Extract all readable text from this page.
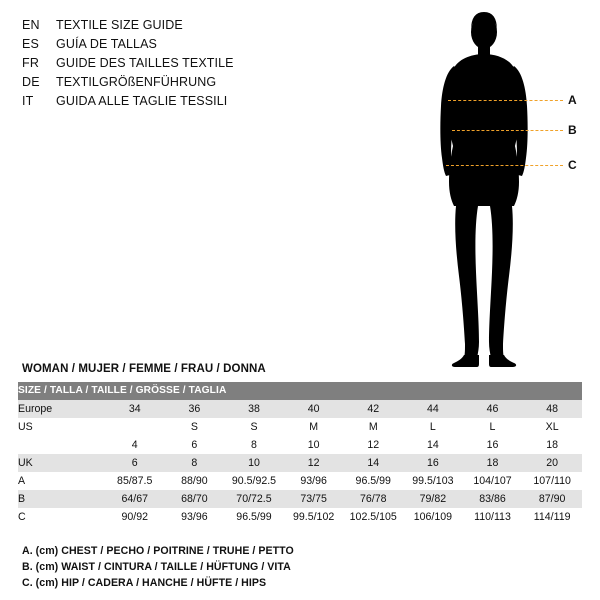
EN	TEXTILE SIZE GUIDE
ES	GUÍA DE TALLAS
FR	GUIDE DES TAILLES TEXTILE
DE	TEXTILGRÖßENFÜHRUNG
IT	GUIDA ALLE TAGLIE TESSILI	A
B
C
WOMAN / MUJER / FEMME / FRAU / DONNA
SIZE / TALLA / TAILLE / GRÖSSE / TAGLIA								
Europe	34	36	38	40	42	44	46	48
US		S	S	M	M	L	L	XL
	4	6	8	10	12	14	16	18
UK	6	8	10	12	14	16	18	20
A	85/87.5	88/90	90.5/92.5	93/96	96.5/99	99.5/103	104/107	107/110
B	64/67	68/70	70/72.5	73/75	76/78	79/82	83/86	87/90
C	90/92	93/96	96.5/99	99.5/102	102.5/105	106/109	110/113	114/119
A. (cm) CHEST / PECHO / POITRINE / TRUHE / PETTO
B. (cm) WAIST / CINTURA / TAILLE / HÜFTUNG / VITA
C. (cm) HIP / CADERA / HANCHE / HÜFTE / HIPS
